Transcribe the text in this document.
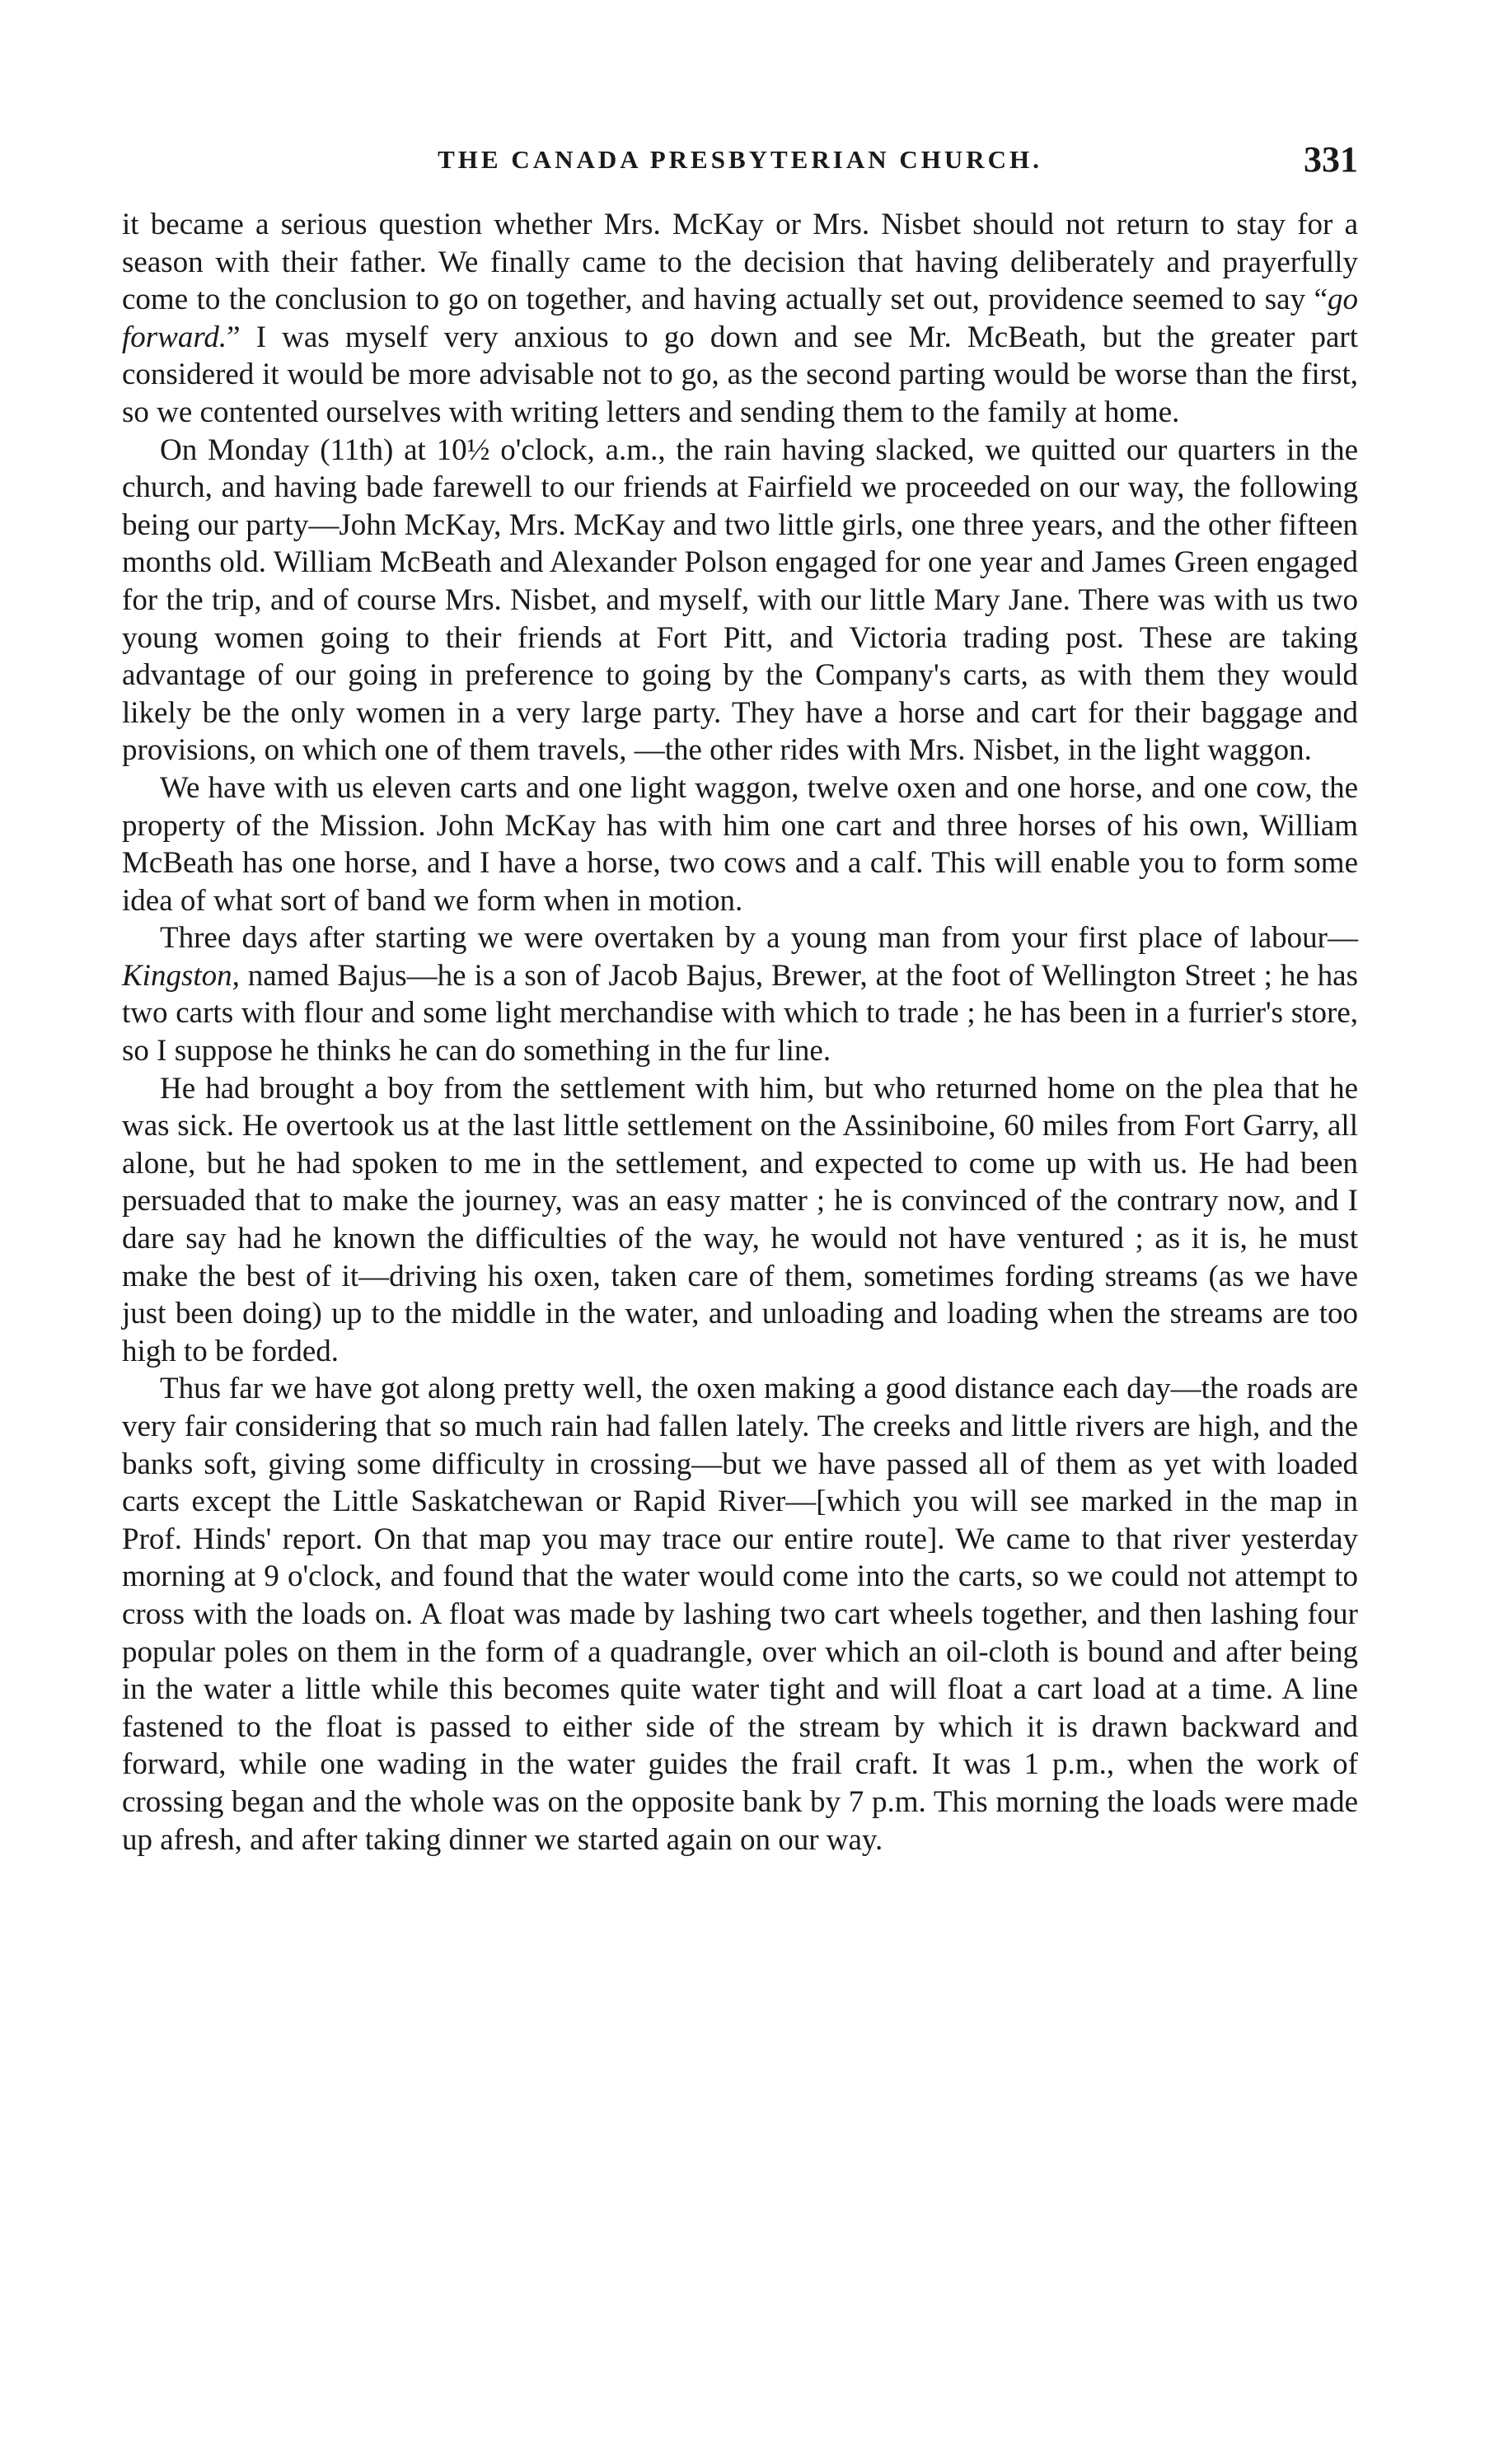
THE CANADA PRESBYTERIAN CHURCH.	331

it became a serious question whether Mrs. McKay or Mrs. Nisbet should not return to stay for a season with their father. We finally came to the decision that having deliberately and prayerfully come to the conclusion to go on together, and having actually set out, providence seemed to say “go forward.” I was myself very anxious to go down and see Mr. McBeath, but the greater part considered it would be more advisable not to go, as the second parting would be worse than the first, so we contented ourselves with writing letters and sending them to the family at home.

On Monday (11th) at 10½ o'clock, a.m., the rain having slacked, we quitted our quarters in the church, and having bade farewell to our friends at Fairfield we proceeded on our way, the following being our party—John McKay, Mrs. McKay and two little girls, one three years, and the other fifteen months old. William McBeath and Alexander Polson engaged for one year and James Green engaged for the trip, and of course Mrs. Nisbet, and myself, with our little Mary Jane. There was with us two young women going to their friends at Fort Pitt, and Victoria trading post. These are taking advantage of our going in preference to going by the Company's carts, as with them they would likely be the only women in a very large party. They have a horse and cart for their baggage and provisions, on which one of them travels, —the other rides with Mrs. Nisbet, in the light waggon.

We have with us eleven carts and one light waggon, twelve oxen and one horse, and one cow, the property of the Mission. John McKay has with him one cart and three horses of his own, William McBeath has one horse, and I have a horse, two cows and a calf. This will enable you to form some idea of what sort of band we form when in motion.

Three days after starting we were overtaken by a young man from your first place of labour—Kingston, named Bajus—he is a son of Jacob Bajus, Brewer, at the foot of Wellington Street ; he has two carts with flour and some light merchandise with which to trade ; he has been in a furrier's store, so I suppose he thinks he can do something in the fur line.

He had brought a boy from the settlement with him, but who returned home on the plea that he was sick. He overtook us at the last little settlement on the Assiniboine, 60 miles from Fort Garry, all alone, but he had spoken to me in the settlement, and expected to come up with us. He had been persuaded that to make the journey, was an easy matter ; he is convinced of the contrary now, and I dare say had he known the difficulties of the way, he would not have ventured ; as it is, he must make the best of it—driving his oxen, taken care of them, sometimes fording streams (as we have just been doing) up to the middle in the water, and unloading and loading when the streams are too high to be forded.

Thus far we have got along pretty well, the oxen making a good distance each day—the roads are very fair considering that so much rain had fallen lately. The creeks and little rivers are high, and the banks soft, giving some difficulty in crossing—but we have passed all of them as yet with loaded carts except the Little Saskatchewan or Rapid River—[which you will see marked in the map in Prof. Hinds' report. On that map you may trace our entire route]. We came to that river yesterday morning at 9 o'clock, and found that the water would come into the carts, so we could not attempt to cross with the loads on. A float was made by lashing two cart wheels together, and then lashing four popular poles on them in the form of a quadrangle, over which an oil-cloth is bound and after being in the water a little while this becomes quite water tight and will float a cart load at a time. A line fastened to the float is passed to either side of the stream by which it is drawn backward and forward, while one wading in the water guides the frail craft. It was 1 p.m., when the work of crossing began and the whole was on the opposite bank by 7 p.m. This morning the loads were made up afresh, and after taking dinner we started again on our way.
